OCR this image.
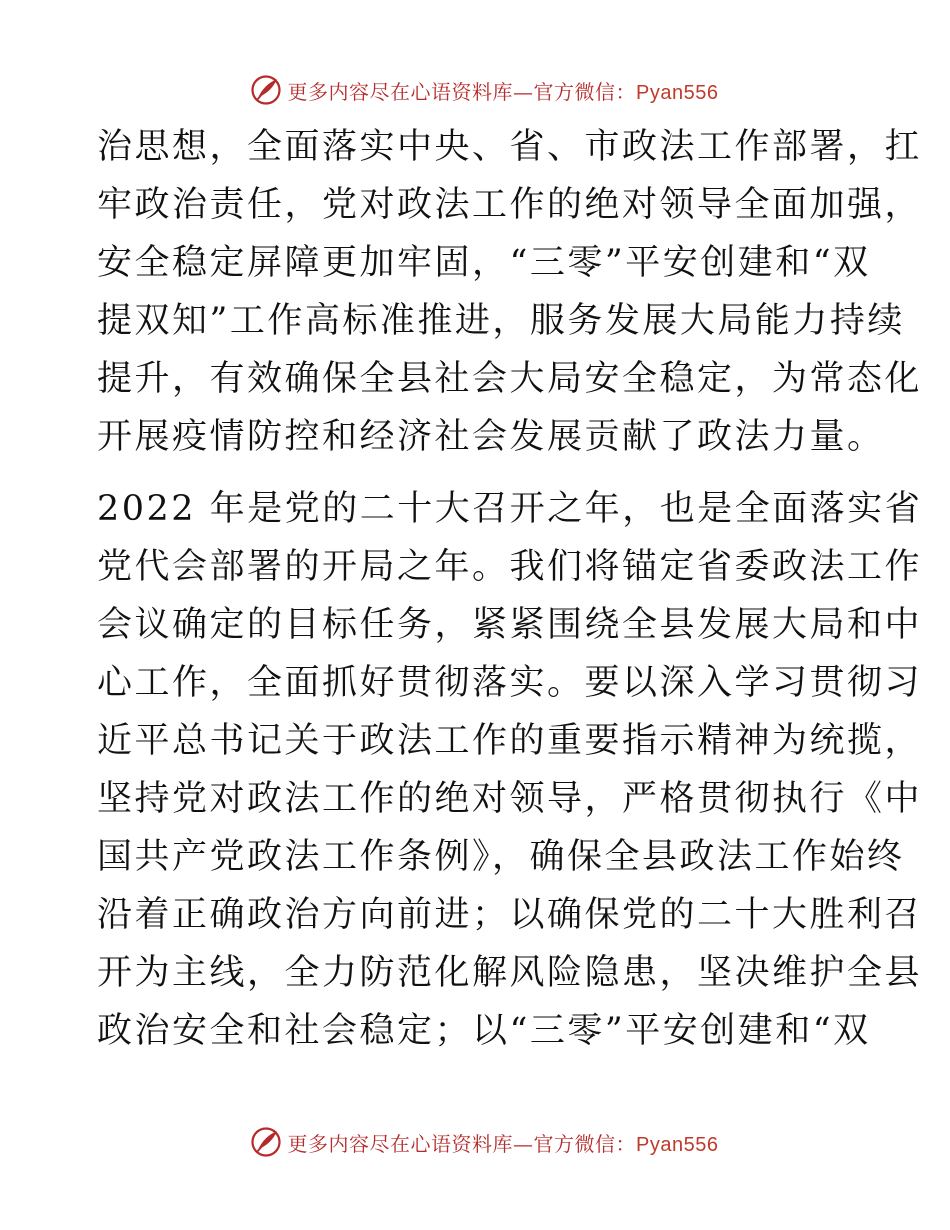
更多内容尽在心语资料库—官方微信：Pyan556

治思想，全面落实中央、省、市政法工作部署，扛
牢政治责任，党对政法工作的绝对领导全面加强，
安全稳定屏障更加牢固，“三零”平安创建和“双
提双知”工作高标准推进，服务发展大局能力持续
提升，有效确保全县社会大局安全稳定，为常态化
开展疫情防控和经济社会发展贡献了政法力量。

2022 年是党的二十大召开之年，也是全面落实省
党代会部署的开局之年。我们将锚定省委政法工作
会议确定的目标任务，紧紧围绕全县发展大局和中
心工作，全面抓好贯彻落实。要以深入学习贯彻习
近平总书记关于政法工作的重要指示精神为统揽，
坚持党对政法工作的绝对领导，严格贯彻执行《中
国共产党政法工作条例》，确保全县政法工作始终
沿着正确政治方向前进；以确保党的二十大胜利召
开为主线，全力防范化解风险隐患，坚决维护全县
政治安全和社会稳定；以“三零”平安创建和“双

更多内容尽在心语资料库—官方微信：Pyan556
